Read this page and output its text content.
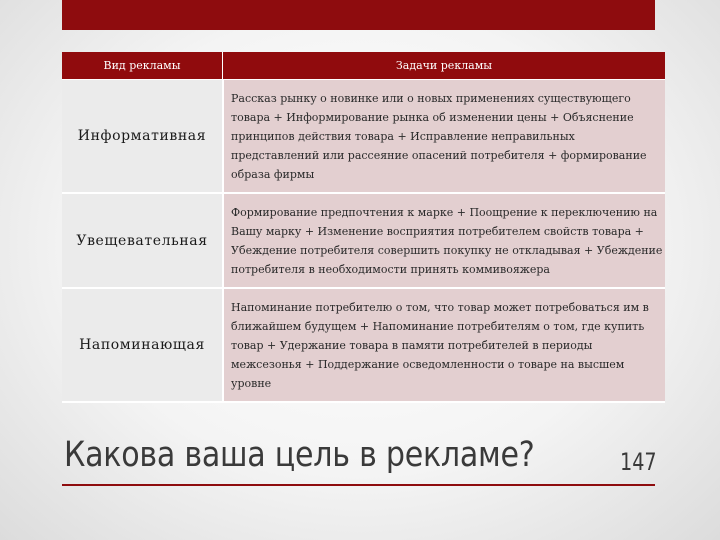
Вид рекламы	Задачи рекламы
Информативная	Рассказ рынку о новинке или о новых применениях существующего товара + Информирование рынка об изменении цены + Объяснение принципов действия товара + Исправление неправильных представлений или рассеяние опасений потребителя + формирование образа фирмы
Увещевательная	Формирование предпочтения к марке + Поощрение к переключению на Вашу марку + Изменение восприятия потребителем свойств товара + Убеждение потребителя совершить покупку не откладывая + Убеждение потребителя в необходимости принять коммивояжера
Напоминающая	Напоминание потребителю о том, что товар может потребоваться им в ближайшем будущем + Напоминание потребителям о том, где купить товар + Удержание товара в памяти потребителей в периоды межсезонья + Поддержание осведомленности о товаре на высшем уровне
Какова ваша цель в рекламе?	147
